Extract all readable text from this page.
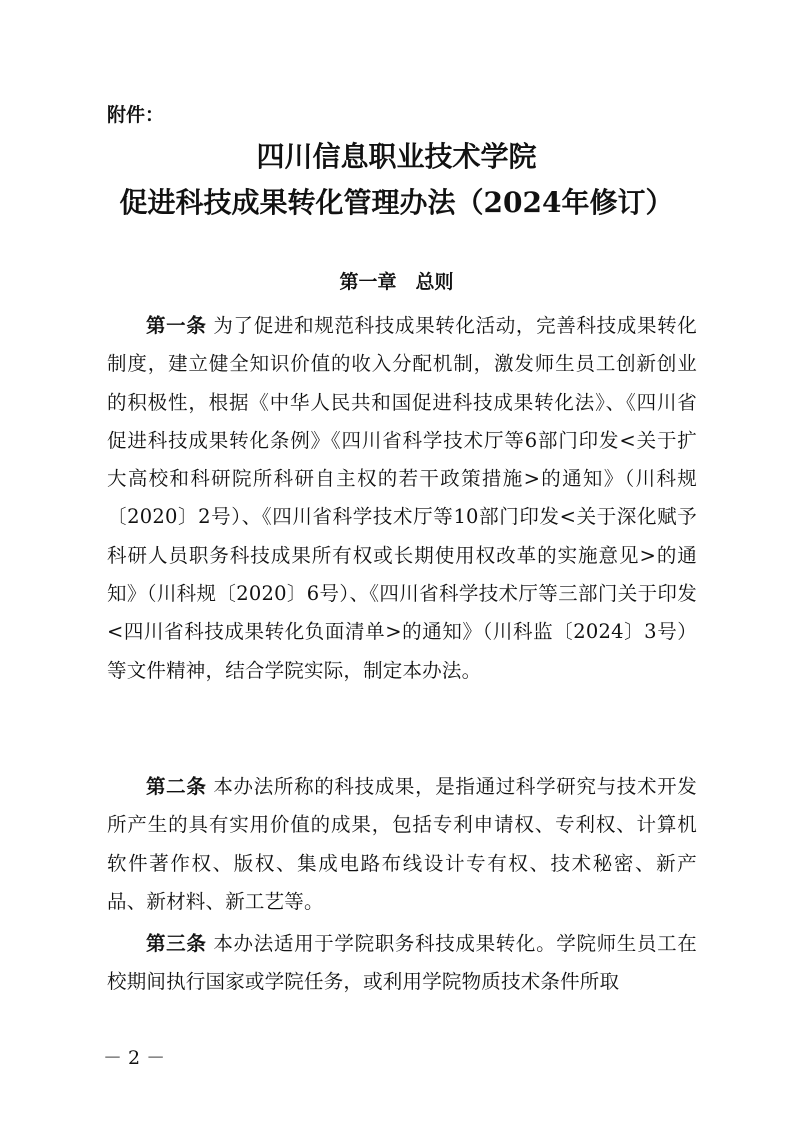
附件：
四川信息职业技术学院
促进科技成果转化管理办法（2024年修订）
第一章　总则
第一条 为了促进和规范科技成果转化活动，完善科技成果转化制度，建立健全知识价值的收入分配机制，激发师生员工创新创业的积极性，根据《中华人民共和国促进科技成果转化法》、《四川省促进科技成果转化条例》《四川省科学技术厅等6部门印发<关于扩大高校和科研院所科研自主权的若干政策措施>的通知》（川科规〔2020〕2号）、《四川省科学技术厅等10部门印发<关于深化赋予科研人员职务科技成果所有权或长期使用权改革的实施意见>的通知》（川科规〔2020〕6号）、《四川省科学技术厅等三部门关于印发<四川省科技成果转化负面清单>的通知》（川科监〔2024〕3号）等文件精神，结合学院实际，制定本办法。
第二条 本办法所称的科技成果，是指通过科学研究与技术开发所产生的具有实用价值的成果，包括专利申请权、专利权、计算机软件著作权、版权、集成电路布线设计专有权、技术秘密、新产品、新材料、新工艺等。
第三条 本办法适用于学院职务科技成果转化。学院师生员工在校期间执行国家或学院任务，或利用学院物质技术条件所取
－ 2 －
